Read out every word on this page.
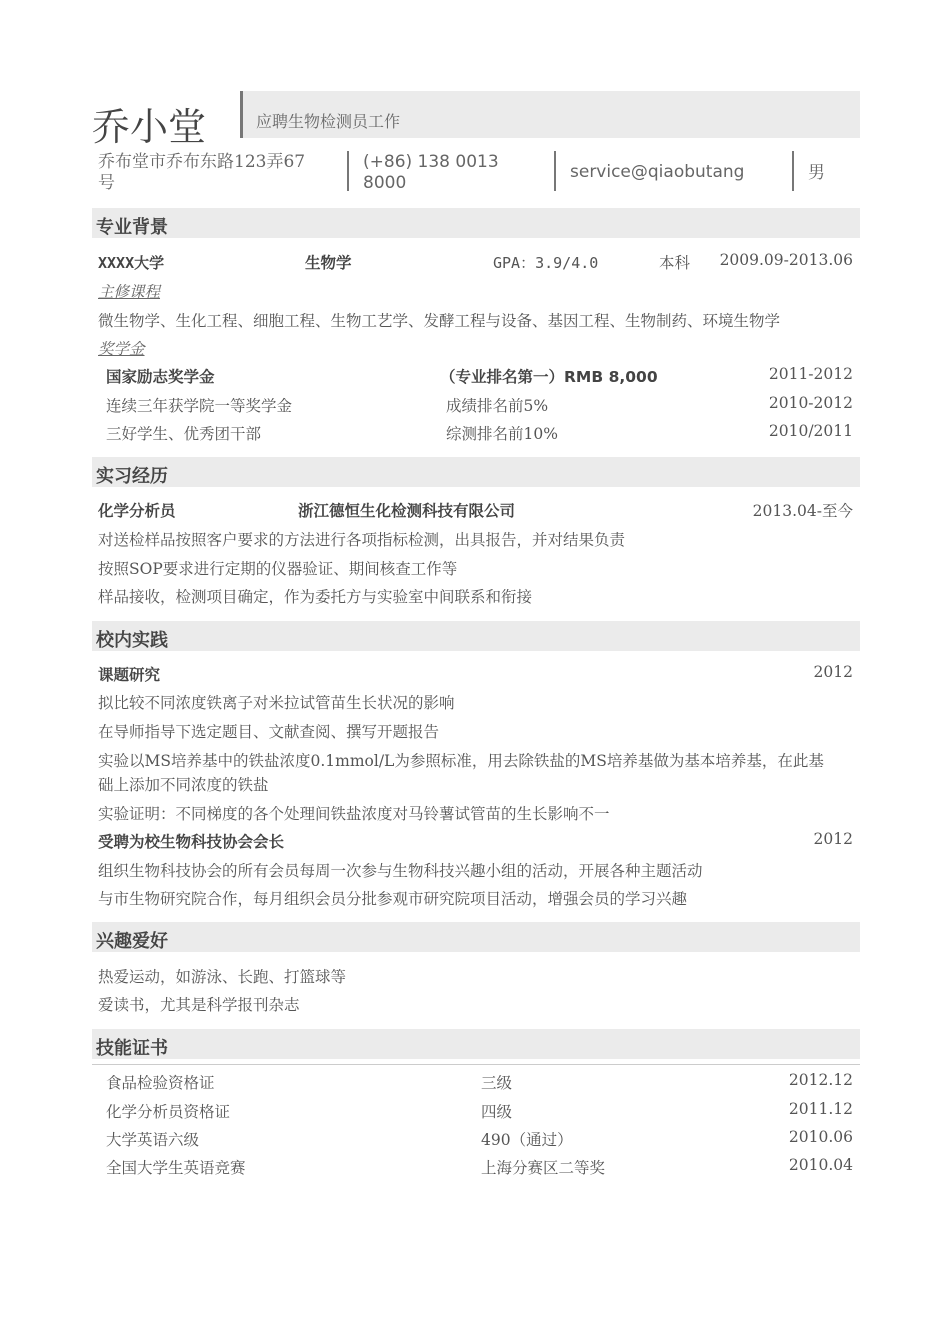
乔小堂	应聘生物检测员工作
乔布堂市乔布东路123弄67
号
(+86) 138 0013
8000
service@qiaobutang	男
专业背景
XXXX大学	生物学	GPA：3.9/4.0	本科	2009.09-2013.06
主修课程
微生物学、生化工程、细胞工程、生物工艺学、发酵工程与设备、基因工程、生物制药、环境生物学
奖学金
国家励志奖学金	（专业排名第一）RMB 8,000	2011-2012
连续三年获学院一等奖学金	成绩排名前5%	2010-2012
三好学生、优秀团干部	综测排名前10%	2010/2011
实习经历
化学分析员	浙江德恒生化检测科技有限公司	2013.04-至今
对送检样品按照客户要求的方法进行各项指标检测，出具报告，并对结果负责
按照SOP要求进行定期的仪器验证、期间核查工作等
样品接收，检测项目确定，作为委托方与实验室中间联系和衔接
校内实践
课题研究	2012
拟比较不同浓度铁离子对米拉试管苗生长状况的影响
在导师指导下选定题目、文献查阅、撰写开题报告
实验以MS培养基中的铁盐浓度0.1mmol/L为参照标准，用去除铁盐的MS培养基做为基本培养基，在此基
础上添加不同浓度的铁盐
实验证明：不同梯度的各个处理间铁盐浓度对马铃薯试管苗的生长影响不一
受聘为校生物科技协会会长	2012
组织生物科技协会的所有会员每周一次参与生物科技兴趣小组的活动，开展各种主题活动
与市生物研究院合作，每月组织会员分批参观市研究院项目活动，增强会员的学习兴趣
兴趣爱好
热爱运动，如游泳、长跑、打篮球等
爱读书，尤其是科学报刊杂志
技能证书
食品检验资格证	三级	2012.12
化学分析员资格证	四级	2011.12
大学英语六级	490（通过）	2010.06
全国大学生英语竞赛	上海分赛区二等奖	2010.04
